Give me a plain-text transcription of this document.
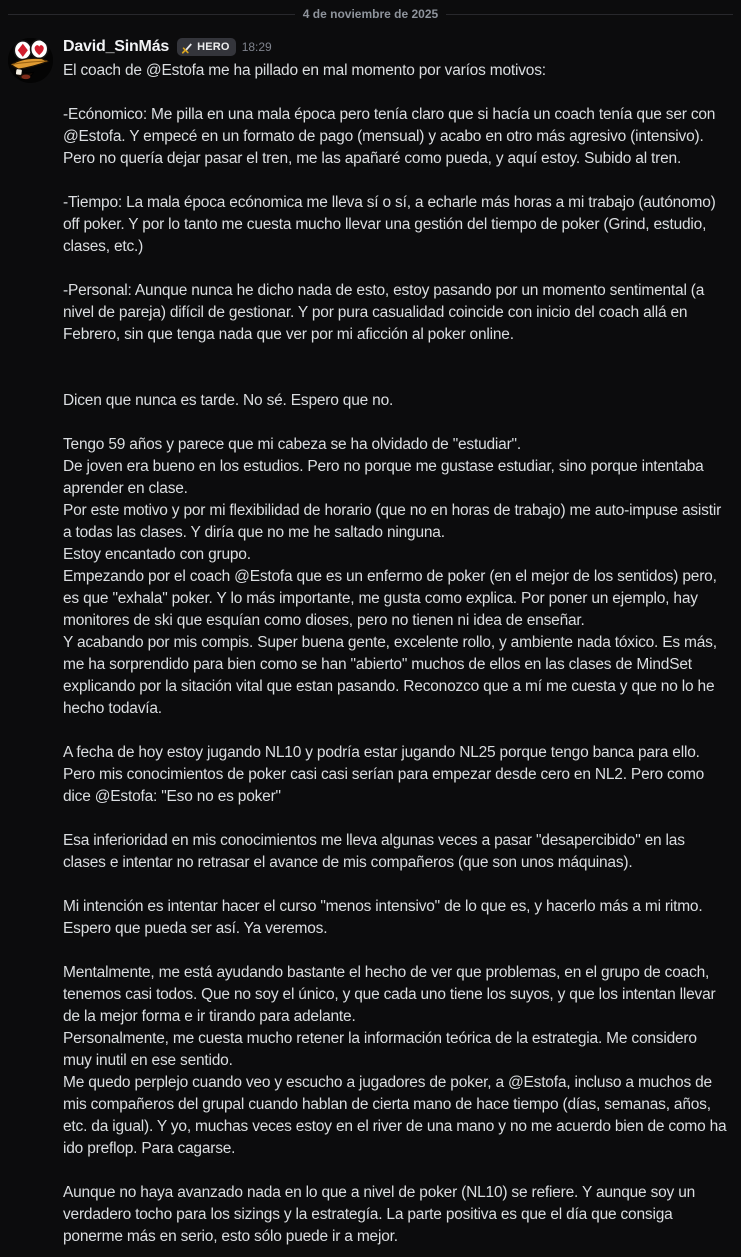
4 de noviembre de 2025
David_SinMás	HERO 18:29
El coach de @Estofa me ha pillado en mal momento por varíos motivos:
-Ecónomico: Me pilla en una mala época pero tenía claro que si hacía un coach tenía que ser con @Estofa. Y empecé en un formato de pago (mensual) y acabo en otro más agresivo (intensivo). Pero no quería dejar pasar el tren, me las apañaré como pueda, y aquí estoy. Subido al tren.
-Tiempo: La mala época ecónomica me lleva sí o sí, a echarle más horas a mi trabajo (autónomo) off poker. Y por lo tanto me cuesta mucho llevar una gestión del tiempo de poker (Grind, estudio, clases, etc.)
-Personal: Aunque nunca he dicho nada de esto, estoy pasando por un momento sentimental (a nivel de pareja) difícil de gestionar. Y por pura casualidad coincide con inicio del coach allá en Febrero, sin que tenga nada que ver por mi aficción al poker online.
Dicen que nunca es tarde. No sé. Espero que no.
Tengo 59 años y parece que mi cabeza se ha olvidado de "estudiar".
De joven era bueno en los estudios. Pero no porque me gustase estudiar, sino porque intentaba aprender en clase.
Por este motivo y por mi flexibilidad de horario (que no en horas de trabajo) me auto-impuse asistir a todas las clases. Y diría que no me he saltado ninguna.
Estoy encantado con grupo.
Empezando por el coach @Estofa que es un enfermo de poker (en el mejor de los sentidos) pero, es que "exhala" poker. Y lo más importante, me gusta como explica. Por poner un ejemplo, hay monitores de ski que esquían como dioses, pero no tienen ni idea de enseñar.
Y acabando por mis compis. Super buena gente, excelente rollo, y ambiente nada tóxico. Es más, me ha sorprendido para bien como se han "abierto" muchos de ellos en las clases de MindSet explicando por la sitación vital que estan pasando. Reconozco que a mí me cuesta y que no lo he hecho todavía.
A fecha de hoy estoy jugando NL10 y podría estar jugando NL25 porque tengo banca para ello. Pero mis conocimientos de poker casi casi serían para empezar desde cero en NL2. Pero como dice @Estofa: "Eso no es poker"
Esa inferioridad en mis conocimientos me lleva algunas veces a pasar "desapercibido" en las clases e intentar no retrasar el avance de mis compañeros (que son unos máquinas).
Mi intención es intentar hacer el curso "menos intensivo" de lo que es, y hacerlo más a mi ritmo. Espero que pueda ser así. Ya veremos.
Mentalmente, me está ayudando bastante el hecho de ver que problemas, en el grupo de coach, tenemos casi todos. Que no soy el único, y que cada uno tiene los suyos, y que los intentan llevar de la mejor forma e ir tirando para adelante.
Personalmente, me cuesta mucho retener la información teórica de la estrategia. Me considero muy inutil en ese sentido.
Me quedo perplejo cuando veo y escucho a jugadores de poker, a @Estofa, incluso a muchos de mis compañeros del grupal cuando hablan de cierta mano de hace tiempo (días, semanas, años, etc. da igual). Y yo, muchas veces estoy en el river de una mano y no me acuerdo bien de como ha ido preflop. Para cagarse.
Aunque no haya avanzado nada en lo que a nivel de poker (NL10) se refiere. Y aunque soy un verdadero tocho para los sizings y la estrategía. La parte positiva es que el día que consiga ponerme más en serio, esto sólo puede ir a mejor.
